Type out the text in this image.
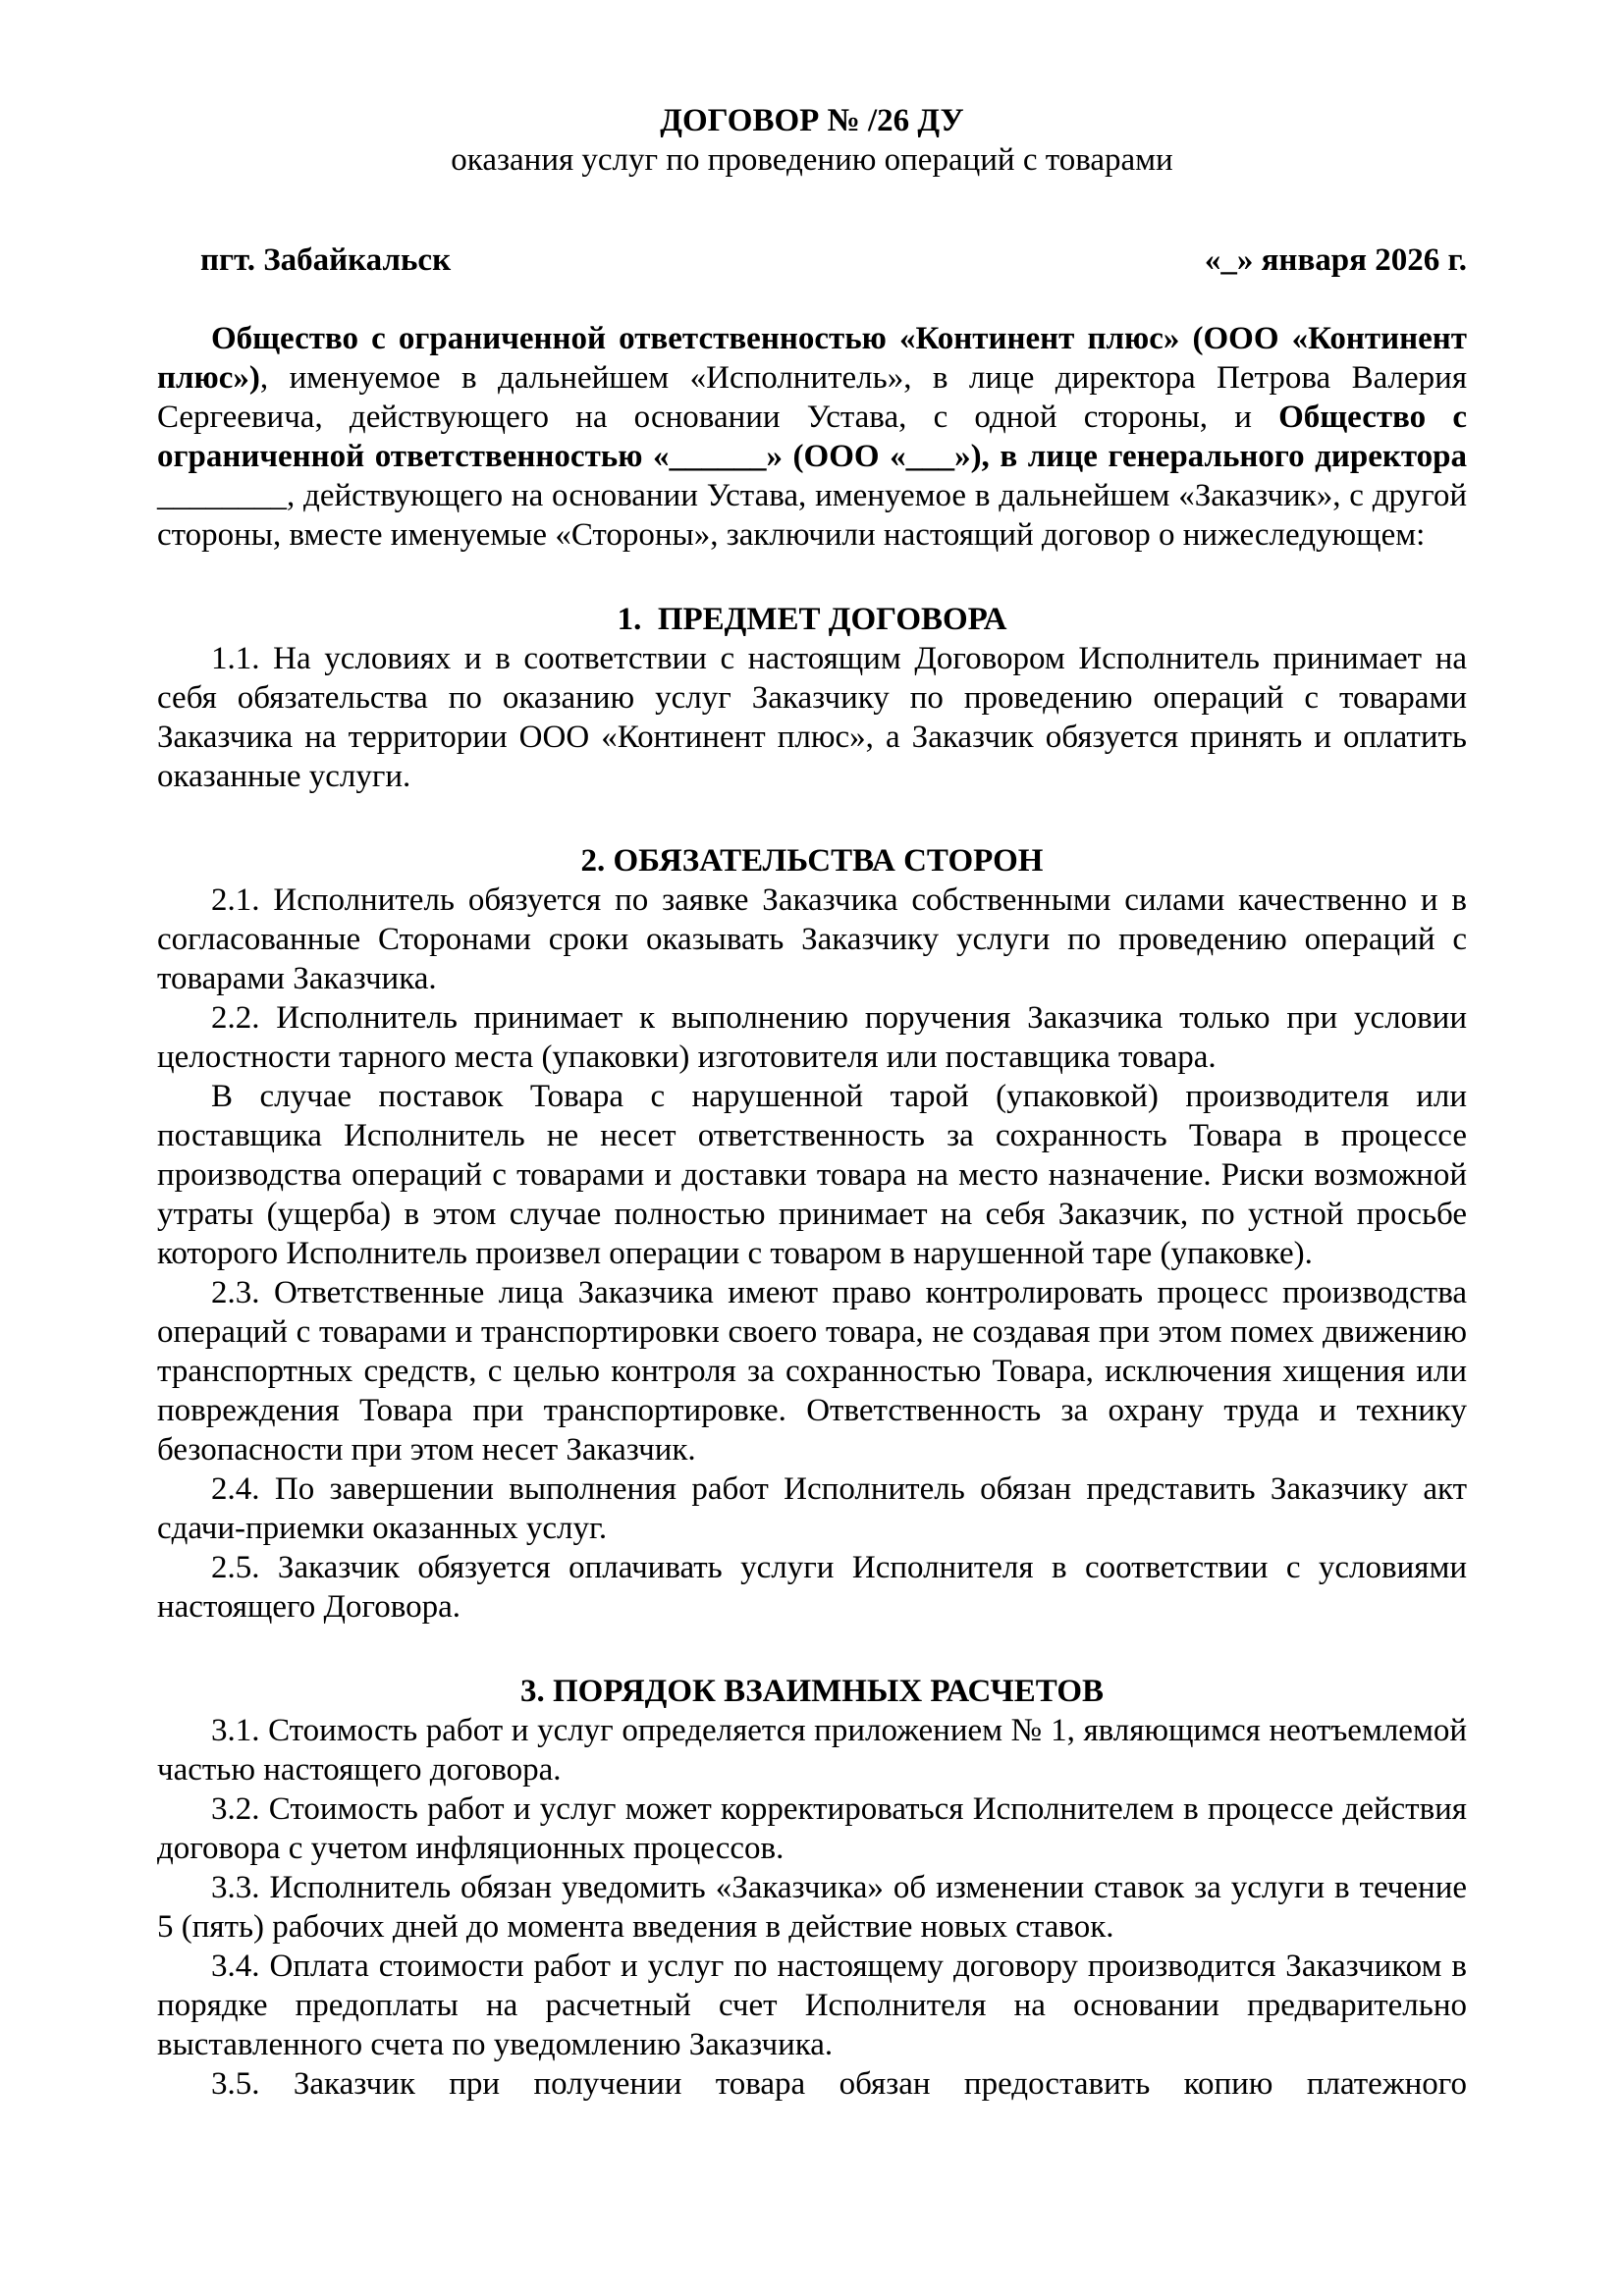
ДОГОВОР № /26 ДУ
оказания услуг по проведению операций с товарами
пгт. Забайкальск	«_» января 2026 г.

Общество с ограниченной ответственностью «Континент плюс» (ООО «Континент плюс»), именуемое в дальнейшем «Исполнитель», в лице директора Петрова Валерия Сергеевича, действующего на основании Устава, с одной стороны, и Общество с ограниченной ответственностью «______» (ООО «___»), в лице генерального директора ________, действующего на основании Устава, именуемое в дальнейшем «Заказчик», с другой стороны, вместе именуемые «Стороны», заключили настоящий договор о нижеследующем:

1.  ПРЕДМЕТ ДОГОВОРА

1.1. На условиях и в соответствии с настоящим Договором Исполнитель принимает на себя обязательства по оказанию услуг Заказчику по проведению операций с товарами Заказчика на территории ООО «Континент плюс», а Заказчик обязуется принять и оплатить оказанные услуги.

2. ОБЯЗАТЕЛЬСТВА СТОРОН

2.1. Исполнитель обязуется по заявке Заказчика собственными силами качественно и в согласованные Сторонами сроки оказывать Заказчику услуги по проведению операций с товарами Заказчика.

2.2. Исполнитель принимает к выполнению поручения Заказчика только при условии целостности тарного места (упаковки) изготовителя или поставщика товара.

В случае поставок Товара с нарушенной тарой (упаковкой) производителя или поставщика Исполнитель не несет ответственность за сохранность Товара в процессе производства операций с товарами и доставки товара на место назначение. Риски возможной утраты (ущерба) в этом случае полностью принимает на себя Заказчик, по устной просьбе которого Исполнитель произвел операции с товаром в нарушенной таре (упаковке).

2.3. Ответственные лица Заказчика имеют право контролировать процесс производства операций с товарами и транспортировки своего товара, не создавая при этом помех движению транспортных средств, с целью контроля за сохранностью Товара, исключения хищения или повреждения Товара при транспортировке. Ответственность за охрану труда и технику безопасности при этом несет Заказчик.

2.4. По завершении выполнения работ Исполнитель обязан представить Заказчику акт сдачи-приемки оказанных услуг.

2.5. Заказчик обязуется оплачивать услуги Исполнителя в соответствии с условиями настоящего Договора.

3. ПОРЯДОК ВЗАИМНЫХ РАСЧЕТОВ

3.1. Стоимость работ и услуг определяется приложением № 1, являющимся неотъемлемой частью настоящего договора.

3.2. Стоимость работ и услуг может корректироваться Исполнителем в процессе действия договора с учетом инфляционных процессов.

3.3. Исполнитель обязан уведомить «Заказчика» об изменении ставок за услуги в течение 5 (пять) рабочих дней до момента введения в действие новых ставок.

3.4. Оплата стоимости работ и услуг по настоящему договору производится Заказчиком в порядке предоплаты на расчетный счет Исполнителя на основании предварительно выставленного счета по уведомлению Заказчика.

3.5. Заказчик при получении товара обязан предоставить копию платежного
